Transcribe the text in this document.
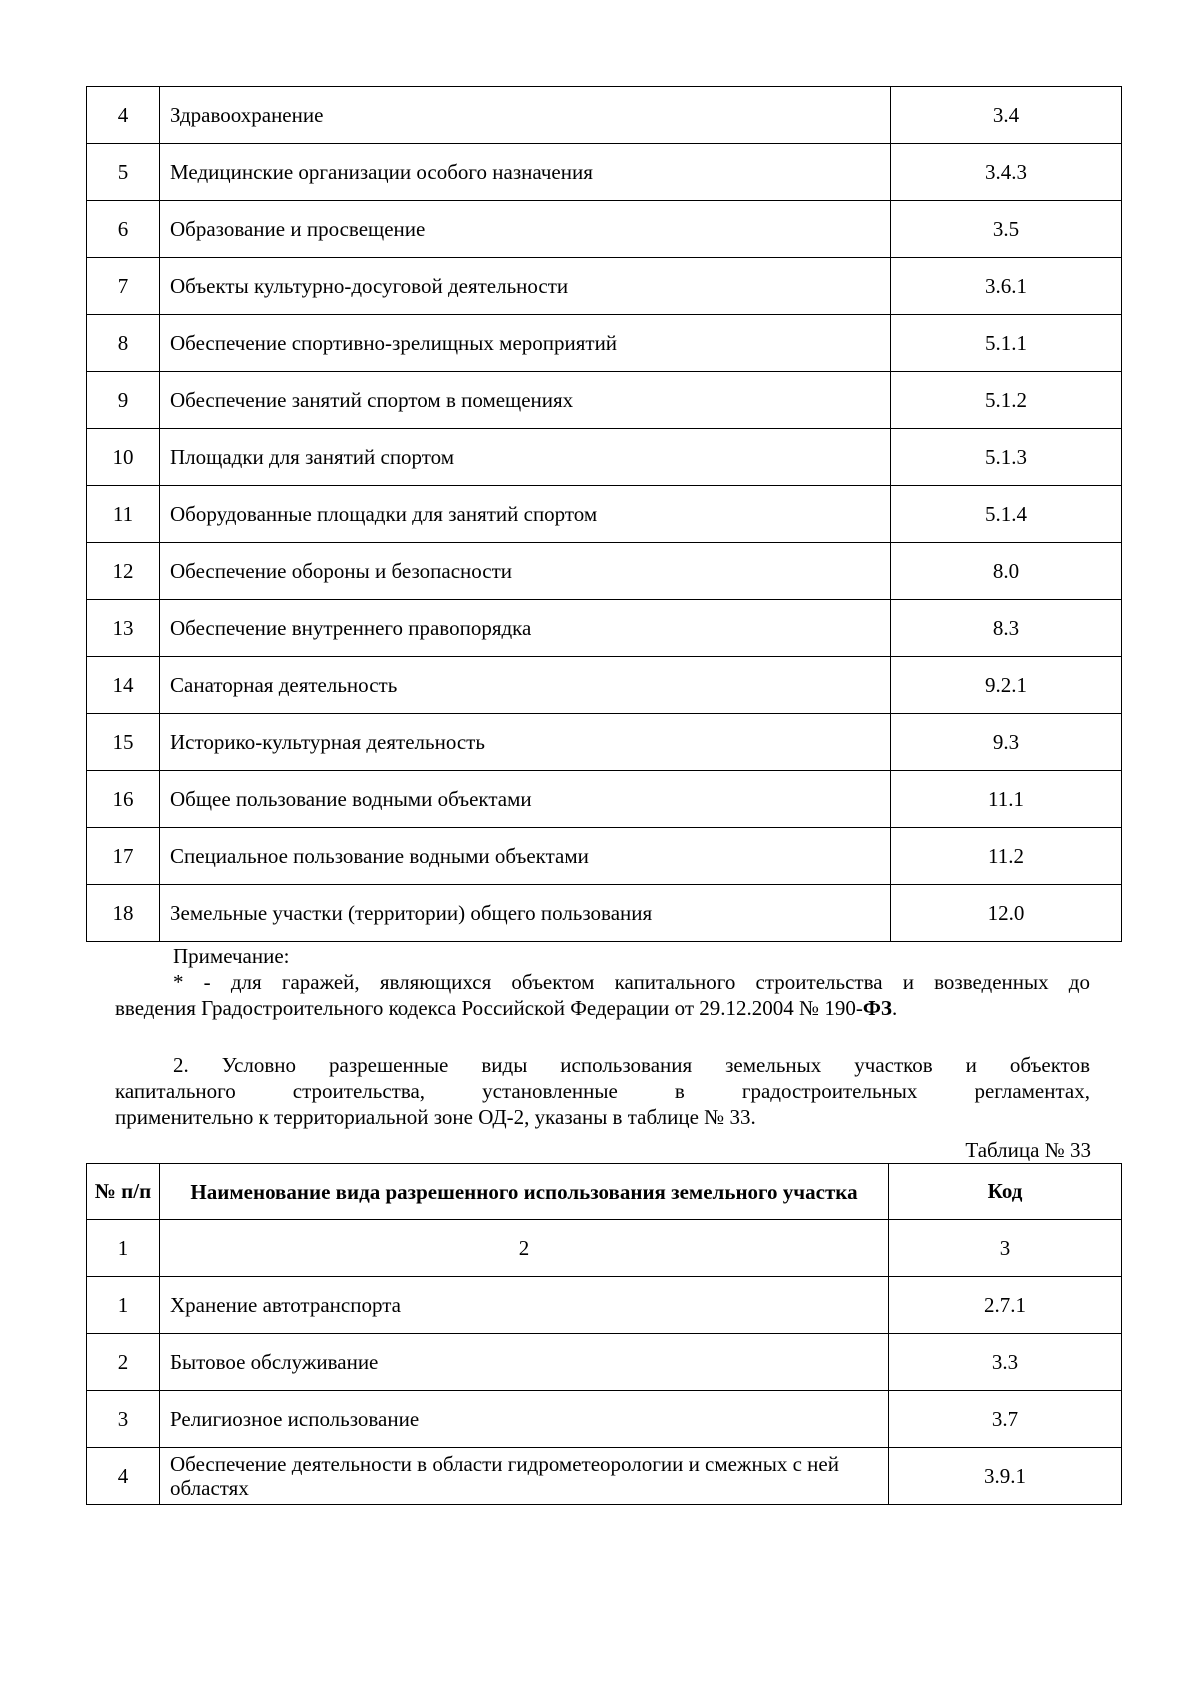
4	Здравоохранение	3.4
5	Медицинские организации особого назначения	3.4.3
6	Образование и просвещение	3.5
7	Объекты культурно-досуговой деятельности	3.6.1
8	Обеспечение спортивно-зрелищных мероприятий	5.1.1
9	Обеспечение занятий спортом в помещениях	5.1.2
10	Площадки для занятий спортом	5.1.3
11	Оборудованные площадки для занятий спортом	5.1.4
12	Обеспечение обороны и безопасности	8.0
13	Обеспечение внутреннего правопорядка	8.3
14	Санаторная деятельность	9.2.1
15	Историко-культурная деятельность	9.3
16	Общее пользование водными объектами	11.1
17	Специальное пользование водными объектами	11.2
18	Земельные участки (территории) общего пользования	12.0
Примечание:
* - для гаражей, являющихся объектом капитального строительства и возведенных до
введения Градостроительного кодекса Российской Федерации от 29.12.2004 № 190-ФЗ.
2. Условно разрешенные виды использования земельных участков и объектов
капитального строительства, установленные в градостроительных регламентах,
применительно к территориальной зоне ОД-2, указаны в таблице № 33.
Таблица № 33
№ п/п	Наименование вида разрешенного использования земельного участка	Код
1	2	3
1	Хранение автотранспорта	2.7.1
2	Бытовое обслуживание	3.3
3	Религиозное использование	3.7
4	Обеспечение деятельности в области гидрометеорологии и смежных с ней областях	3.9.1
